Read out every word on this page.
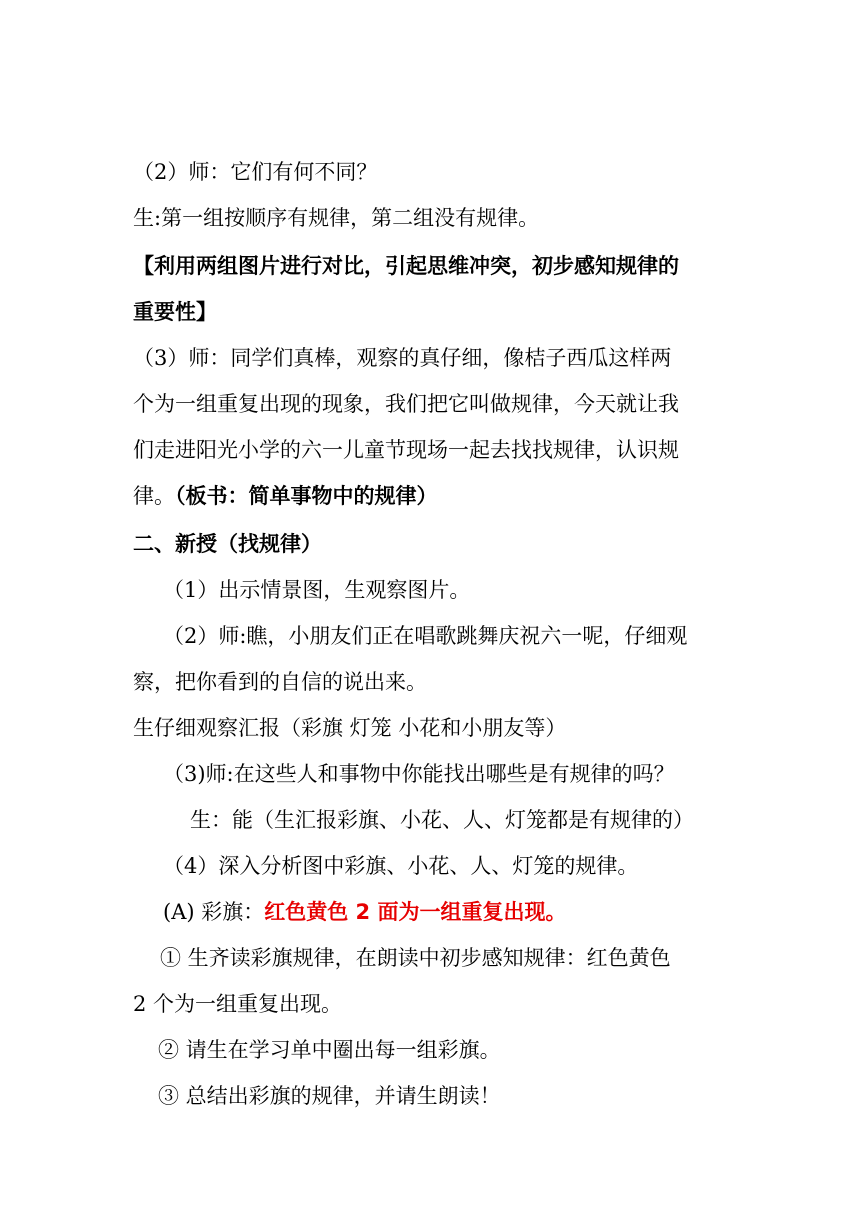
（2）师：它们有何不同？
生:第一组按顺序有规律，第二组没有规律。
【利用两组图片进行对比，引起思维冲突，初步感知规律的
重要性】
（3）师：同学们真棒，观察的真仔细，像桔子西瓜这样两
个为一组重复出现的现象，我们把它叫做规律，今天就让我
们走进阳光小学的六一儿童节现场一起去找找规律，认识规
律。（板书：简单事物中的规律）
二、新授（找规律）
（1）出示情景图，生观察图片。
（2）师:瞧，小朋友们正在唱歌跳舞庆祝六一呢，仔细观
察，把你看到的自信的说出来。
生仔细观察汇报（彩旗 灯笼 小花和小朋友等）
（3)师:在这些人和事物中你能找出哪些是有规律的吗？
生：能（生汇报彩旗、小花、人、灯笼都是有规律的）
（4）深入分析图中彩旗、小花、人、灯笼的规律。
(A) 彩旗：红色黄色 2 面为一组重复出现。
① 生齐读彩旗规律，在朗读中初步感知规律：红色黄色
2 个为一组重复出现。
② 请生在学习单中圈出每一组彩旗。
③ 总结出彩旗的规律，并请生朗读！
